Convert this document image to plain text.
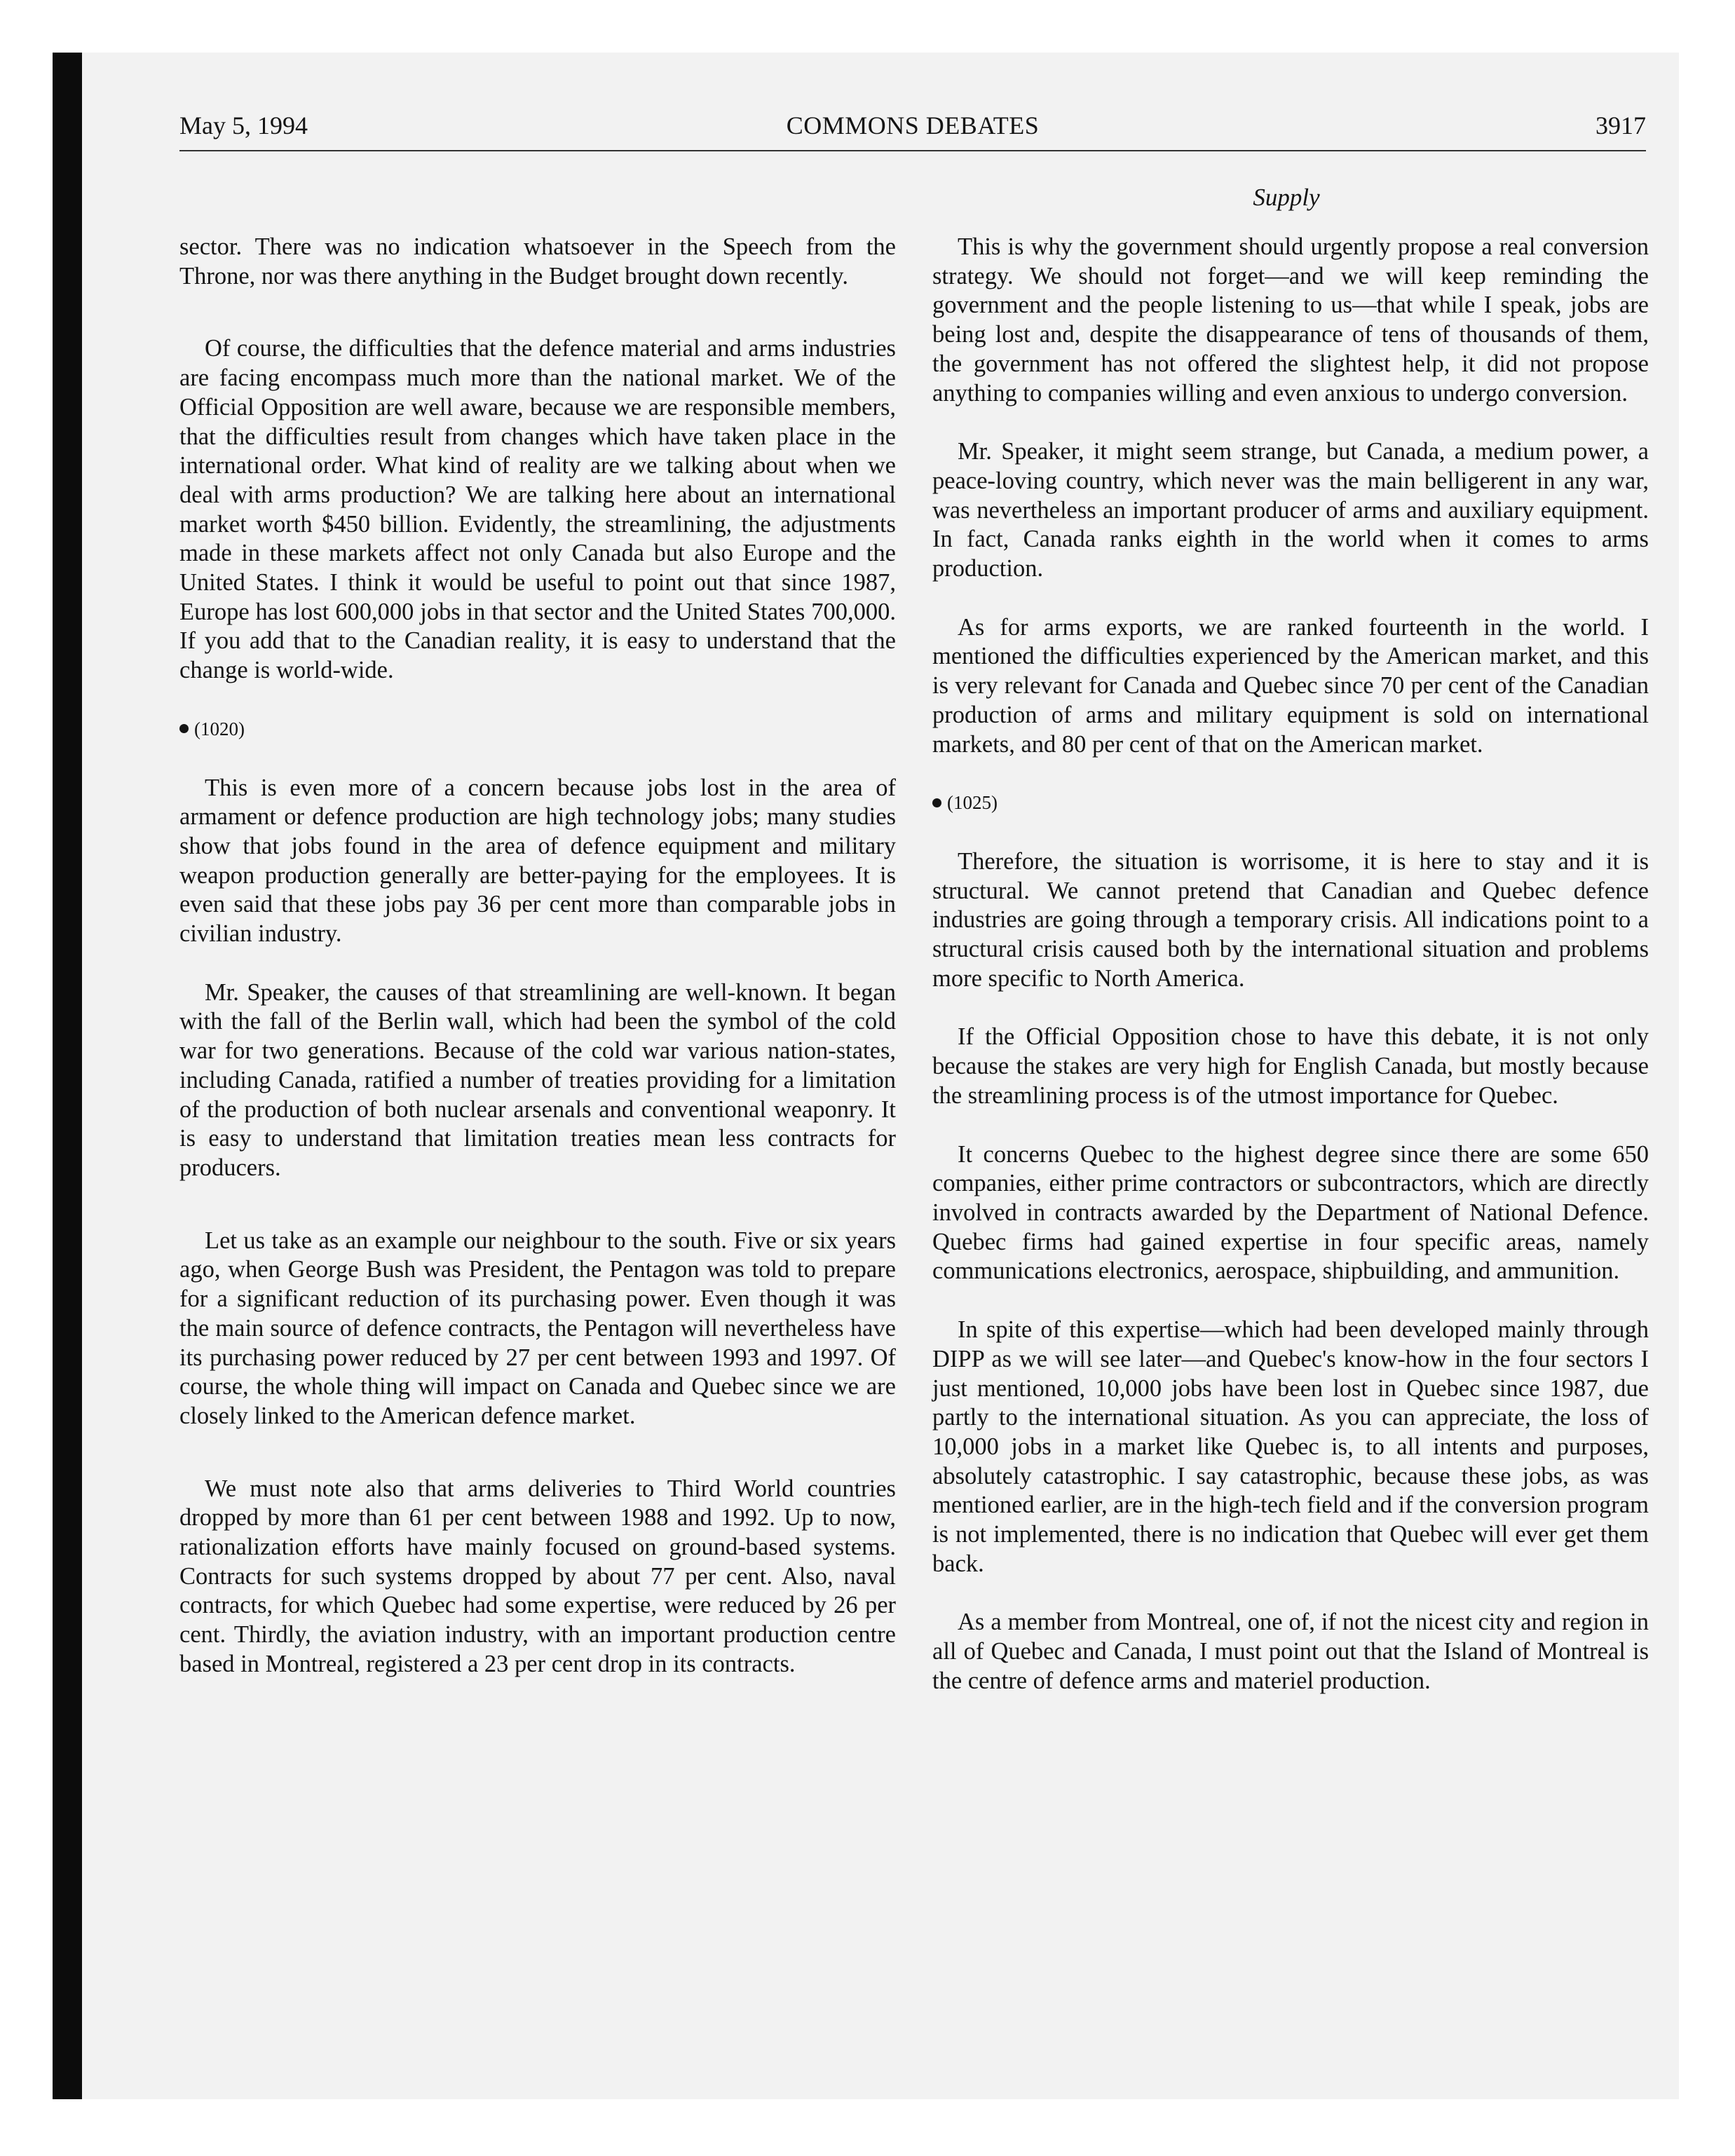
May 5, 1994	COMMONS DEBATES	3917
Supply

sector. There was no indication whatsoever in the Speech from the Throne, nor was there anything in the Budget brought down recently.

Of course, the difficulties that the defence material and arms industries are facing encompass much more than the national market. We of the Official Opposition are well aware, because we are responsible members, that the difficulties result from changes which have taken place in the international order. What kind of reality are we talking about when we deal with arms production? We are talking here about an international market worth $450 billion. Evidently, the streamlining, the adjustments made in these markets affect not only Canada but also Europe and the United States. I think it would be useful to point out that since 1987, Europe has lost 600,000 jobs in that sector and the United States 700,000. If you add that to the Canadian reality, it is easy to understand that the change is world-wide.

(1020)

This is even more of a concern because jobs lost in the area of armament or defence production are high technology jobs; many studies show that jobs found in the area of defence equipment and military weapon production generally are better-paying for the employees. It is even said that these jobs pay 36 per cent more than comparable jobs in civilian industry.

Mr. Speaker, the causes of that streamlining are well-known. It began with the fall of the Berlin wall, which had been the symbol of the cold war for two generations. Because of the cold war various nation-states, including Canada, ratified a number of treaties providing for a limitation of the production of both nuclear arsenals and conventional weaponry. It is easy to understand that limitation treaties mean less contracts for producers.

Let us take as an example our neighbour to the south. Five or six years ago, when George Bush was President, the Pentagon was told to prepare for a significant reduction of its purchasing power. Even though it was the main source of defence contracts, the Pentagon will nevertheless have its purchasing power reduced by 27 per cent between 1993 and 1997. Of course, the whole thing will impact on Canada and Quebec since we are closely linked to the American defence market.

We must note also that arms deliveries to Third World countries dropped by more than 61 per cent between 1988 and 1992. Up to now, rationalization efforts have mainly focused on ground-based systems. Contracts for such systems dropped by about 77 per cent. Also, naval contracts, for which Quebec had some expertise, were reduced by 26 per cent. Thirdly, the aviation industry, with an important production centre based in Montreal, registered a 23 per cent drop in its contracts.

This is why the government should urgently propose a real conversion strategy. We should not forget—and we will keep reminding the government and the people listening to us—that while I speak, jobs are being lost and, despite the disappearance of tens of thousands of them, the government has not offered the slightest help, it did not propose anything to companies willing and even anxious to undergo conversion.

Mr. Speaker, it might seem strange, but Canada, a medium power, a peace-loving country, which never was the main belligerent in any war, was nevertheless an important producer of arms and auxiliary equipment. In fact, Canada ranks eighth in the world when it comes to arms production.

As for arms exports, we are ranked fourteenth in the world. I mentioned the difficulties experienced by the American market, and this is very relevant for Canada and Quebec since 70 per cent of the Canadian production of arms and military equipment is sold on international markets, and 80 per cent of that on the American market.

(1025)

Therefore, the situation is worrisome, it is here to stay and it is structural. We cannot pretend that Canadian and Quebec defence industries are going through a temporary crisis. All indications point to a structural crisis caused both by the international situation and problems more specific to North America.

If the Official Opposition chose to have this debate, it is not only because the stakes are very high for English Canada, but mostly because the streamlining process is of the utmost importance for Quebec.

It concerns Quebec to the highest degree since there are some 650 companies, either prime contractors or subcontractors, which are directly involved in contracts awarded by the Department of National Defence. Quebec firms had gained expertise in four specific areas, namely communications electronics, aerospace, shipbuilding, and ammunition.

In spite of this expertise—which had been developed mainly through DIPP as we will see later—and Quebec's know-how in the four sectors I just mentioned, 10,000 jobs have been lost in Quebec since 1987, due partly to the international situation. As you can appreciate, the loss of 10,000 jobs in a market like Quebec is, to all intents and purposes, absolutely catastrophic. I say catastrophic, because these jobs, as was mentioned earlier, are in the high-tech field and if the conversion program is not implemented, there is no indication that Quebec will ever get them back.

As a member from Montreal, one of, if not the nicest city and region in all of Quebec and Canada, I must point out that the Island of Montreal is the centre of defence arms and materiel production.
